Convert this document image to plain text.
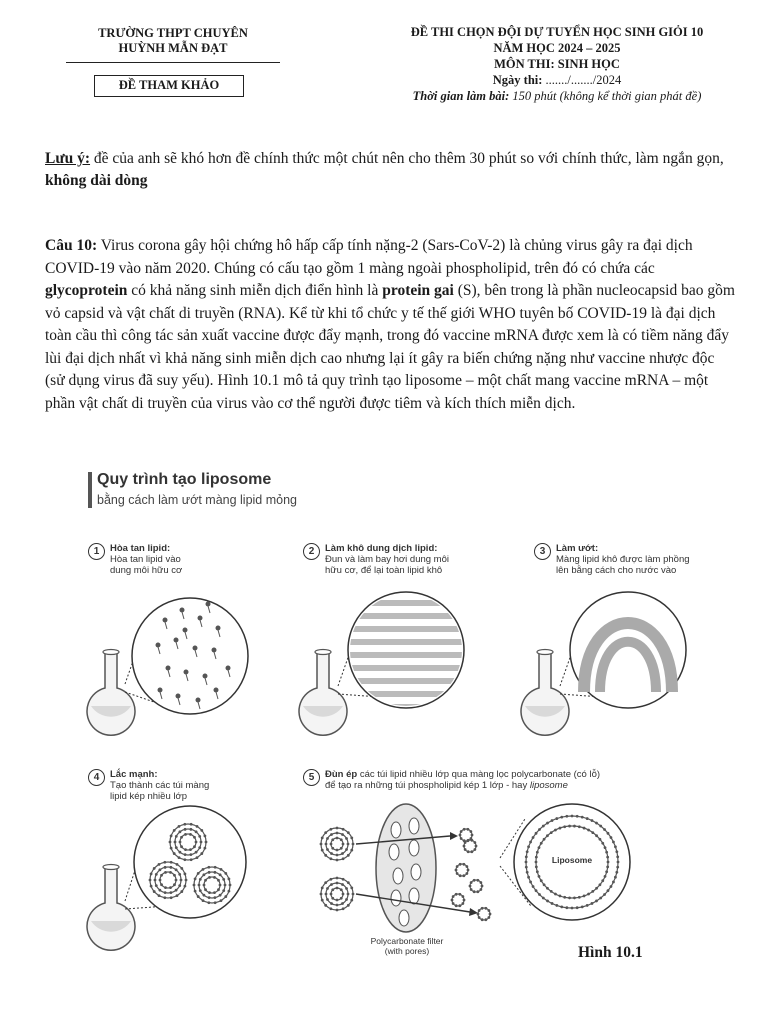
TRƯỜNG THPT CHUYÊN
HUỲNH MẪN ĐẠT
ĐỀ THAM KHẢO
ĐỀ THI CHỌN ĐỘI DỰ TUYỂN HỌC SINH GIỎI 10
NĂM HỌC 2024 – 2025
MÔN THI: SINH HỌC
Ngày thi: ......./......./2024
Thời gian làm bài: 150 phút (không kể thời gian phát đề)

Lưu ý: đề của anh sẽ khó hơn đề chính thức một chút nên cho thêm 30 phút so với chính thức, làm ngắn gọn, không dài dòng

Câu 10: Virus corona gây hội chứng hô hấp cấp tính nặng-2 (Sars-CoV-2) là chủng virus gây ra đại dịch COVID-19 vào năm 2020. Chúng có cấu tạo gồm 1 màng ngoài phospholipid, trên đó có chứa các glycoprotein có khả năng sinh miễn dịch điển hình là protein gai (S), bên trong là phần nucleocapsid bao gồm vỏ capsid và vật chất di truyền (RNA). Kể từ khi tổ chức y tế thế giới WHO tuyên bố COVID-19 là đại dịch toàn cầu thì công tác sản xuất vaccine được đẩy mạnh, trong đó vaccine mRNA được xem là có tiềm năng đẩy lùi đại dịch nhất vì khả năng sinh miễn dịch cao nhưng lại ít gây ra biến chứng nặng như vaccine nhược độc (sử dụng virus đã suy yếu). Hình 10.1 mô tả quy trình tạo liposome – một chất mang vaccine mRNA – một phần vật chất di truyền của virus vào cơ thể người được tiêm và kích thích miễn dịch.

Quy trình tạo liposome
bằng cách làm ướt màng lipid mỏng
1	Hòa tan lipid:
Hòa tan lipid vào
dung môi hữu cơ
2	Làm khô dung dịch lipid:
Đun và làm bay hơi dung môi
hữu cơ, để lại toàn lipid khô
3	Làm ướt:
Màng lipid khô được làm phồng
lên bằng cách cho nước vào
4	Lắc mạnh:
Tạo thành các túi màng
lipid kép nhiều lớp
5	Đùn ép các túi lipid nhiều lớp qua màng lọc polycarbonate (có lỗ)
để tạo ra những túi phospholipid kép 1 lớp - hay liposome
Polycarbonate filter
(with pores)
Liposome
Hình 10.1
